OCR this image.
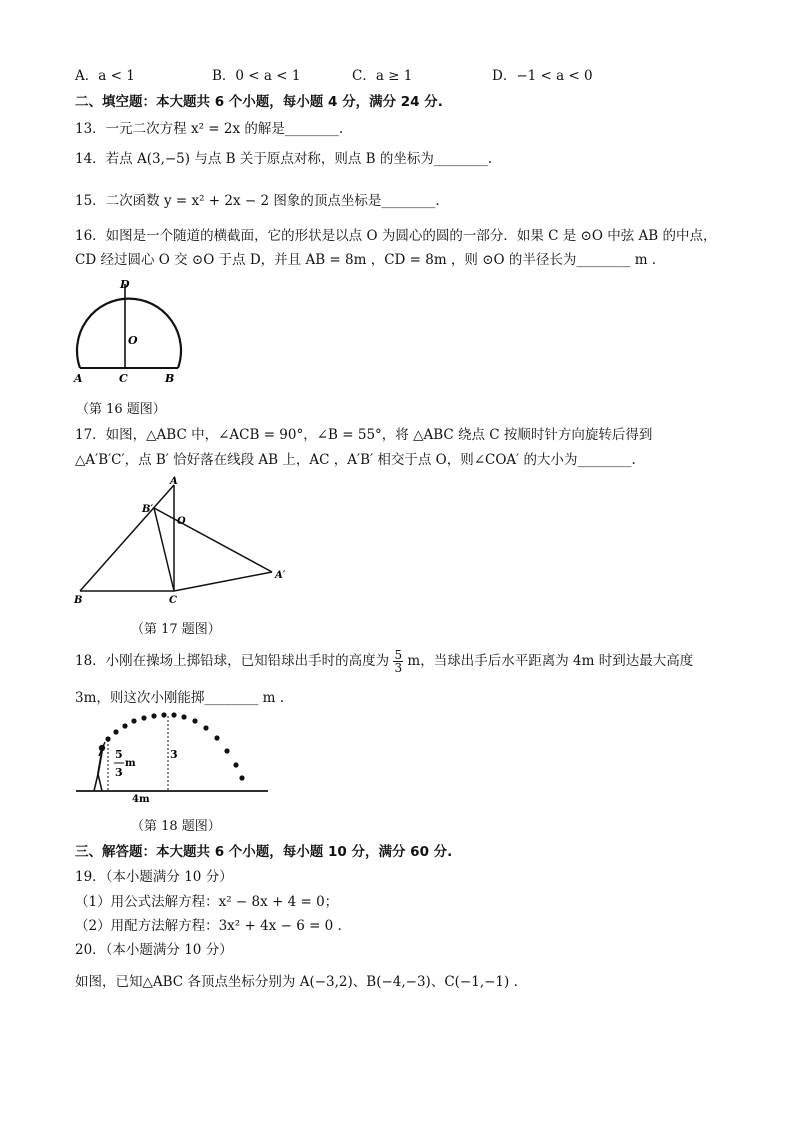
A．a < 1	B．0 < a < 1	C．a ≥ 1	D．−1 < a < 0
二、填空题：本大题共 6 个小题，每小题 4 分，满分 24 分.
13．一元二次方程 x² = 2x 的解是________.
14．若点 A(3,−5) 与点 B 关于原点对称，则点 B 的坐标为________.
15．二次函数 y = x² + 2x − 2 图象的顶点坐标是________.
16．如图是一个随道的横截面，它的形状是以点 O 为圆心的圆的一部分．如果 C 是 ⊙O 中弦 AB 的中点，
CD 经过圆心 O 交 ⊙O 于点 D，并且 AB = 8m ，CD = 8m ，则 ⊙O 的半径长为________ m .
D
O
A	C	B
（第 16 题图）
17．如图，△ABC 中，∠ACB = 90°，∠B = 55°，将 △ABC 绕点 C 按顺时针方向旋转后得到
△A′B′C′，点 B′ 恰好落在线段 AB 上，AC ，A′B′ 相交于点 O，则∠COA′ 的大小为________.
A
B′
O
A′
B	C
（第 17 题图）
18．小刚在操场上掷铅球，已知铅球出手时的高度为 $\frac{5}{3}$ m，当球出手后水平距离为 4m 时到达最大高度
3m，则这次小刚能掷________ m .
5
m
3
3
4m
（第 18 题图）
三、解答题：本大题共 6 个小题，每小题 10 分，满分 60 分.
19．（本小题满分 10 分）
（1）用公式法解方程：x² − 8x + 4 = 0；
（2）用配方法解方程：3x² + 4x − 6 = 0 .
20．（本小题满分 10 分）
如图，已知△ABC 各顶点坐标分别为 A(−3,2)、B(−4,−3)、C(−1,−1) .
